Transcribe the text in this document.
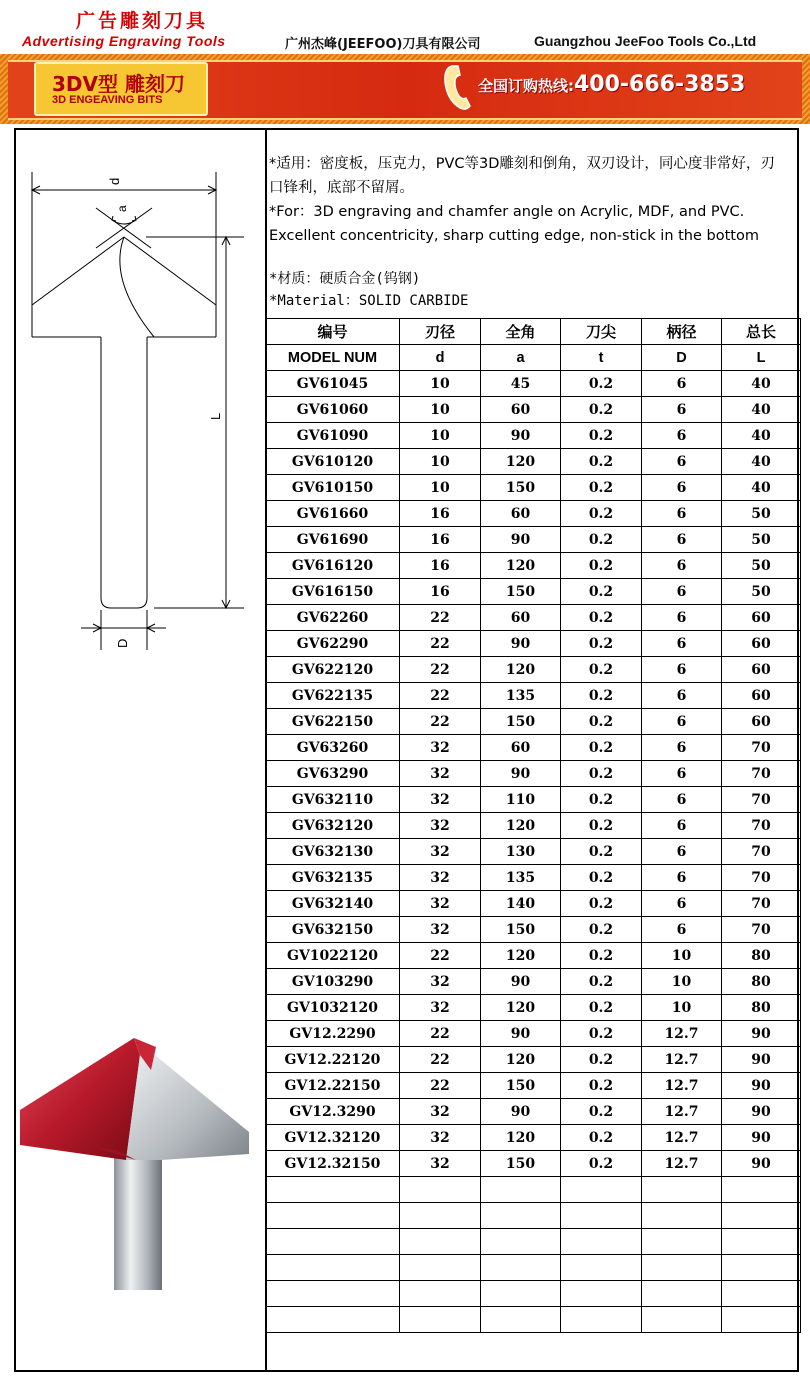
广告雕刻刀具
Advertising Engraving Tools	广州杰峰(JEEFOO)刀具有限公司	Guangzhou JeeFoo Tools Co.,Ltd
3DV型 雕刻刀
3D ENGEAVING BITS
全国订购热线:400-666-3853
d
a
L
D
*适用：密度板，压克力，PVC等3D雕刻和倒角，双刃设计，同心度非常好，刃口锋利，底部不留屑。
*For：3D engraving and chamfer angle on Acrylic, MDF, and PVC. Excellent concentricity, sharp cutting edge, non-stick in the bottom
*材质：硬质合金(钨钢)
*Material：SOLID CARBIDE
编号	刃径	全角	刀尖	柄径	总长
MODEL NUM	d	a	t	D	L
GV61045	10	45	0.2	6	40
GV61060	10	60	0.2	6	40
GV61090	10	90	0.2	6	40
GV610120	10	120	0.2	6	40
GV610150	10	150	0.2	6	40
GV61660	16	60	0.2	6	50
GV61690	16	90	0.2	6	50
GV616120	16	120	0.2	6	50
GV616150	16	150	0.2	6	50
GV62260	22	60	0.2	6	60
GV62290	22	90	0.2	6	60
GV622120	22	120	0.2	6	60
GV622135	22	135	0.2	6	60
GV622150	22	150	0.2	6	60
GV63260	32	60	0.2	6	70
GV63290	32	90	0.2	6	70
GV632110	32	110	0.2	6	70
GV632120	32	120	0.2	6	70
GV632130	32	130	0.2	6	70
GV632135	32	135	0.2	6	70
GV632140	32	140	0.2	6	70
GV632150	32	150	0.2	6	70
GV1022120	22	120	0.2	10	80
GV103290	32	90	0.2	10	80
GV1032120	32	120	0.2	10	80
GV12.2290	22	90	0.2	12.7	90
GV12.22120	22	120	0.2	12.7	90
GV12.22150	22	150	0.2	12.7	90
GV12.3290	32	90	0.2	12.7	90
GV12.32120	32	120	0.2	12.7	90
GV12.32150	32	150	0.2	12.7	90
